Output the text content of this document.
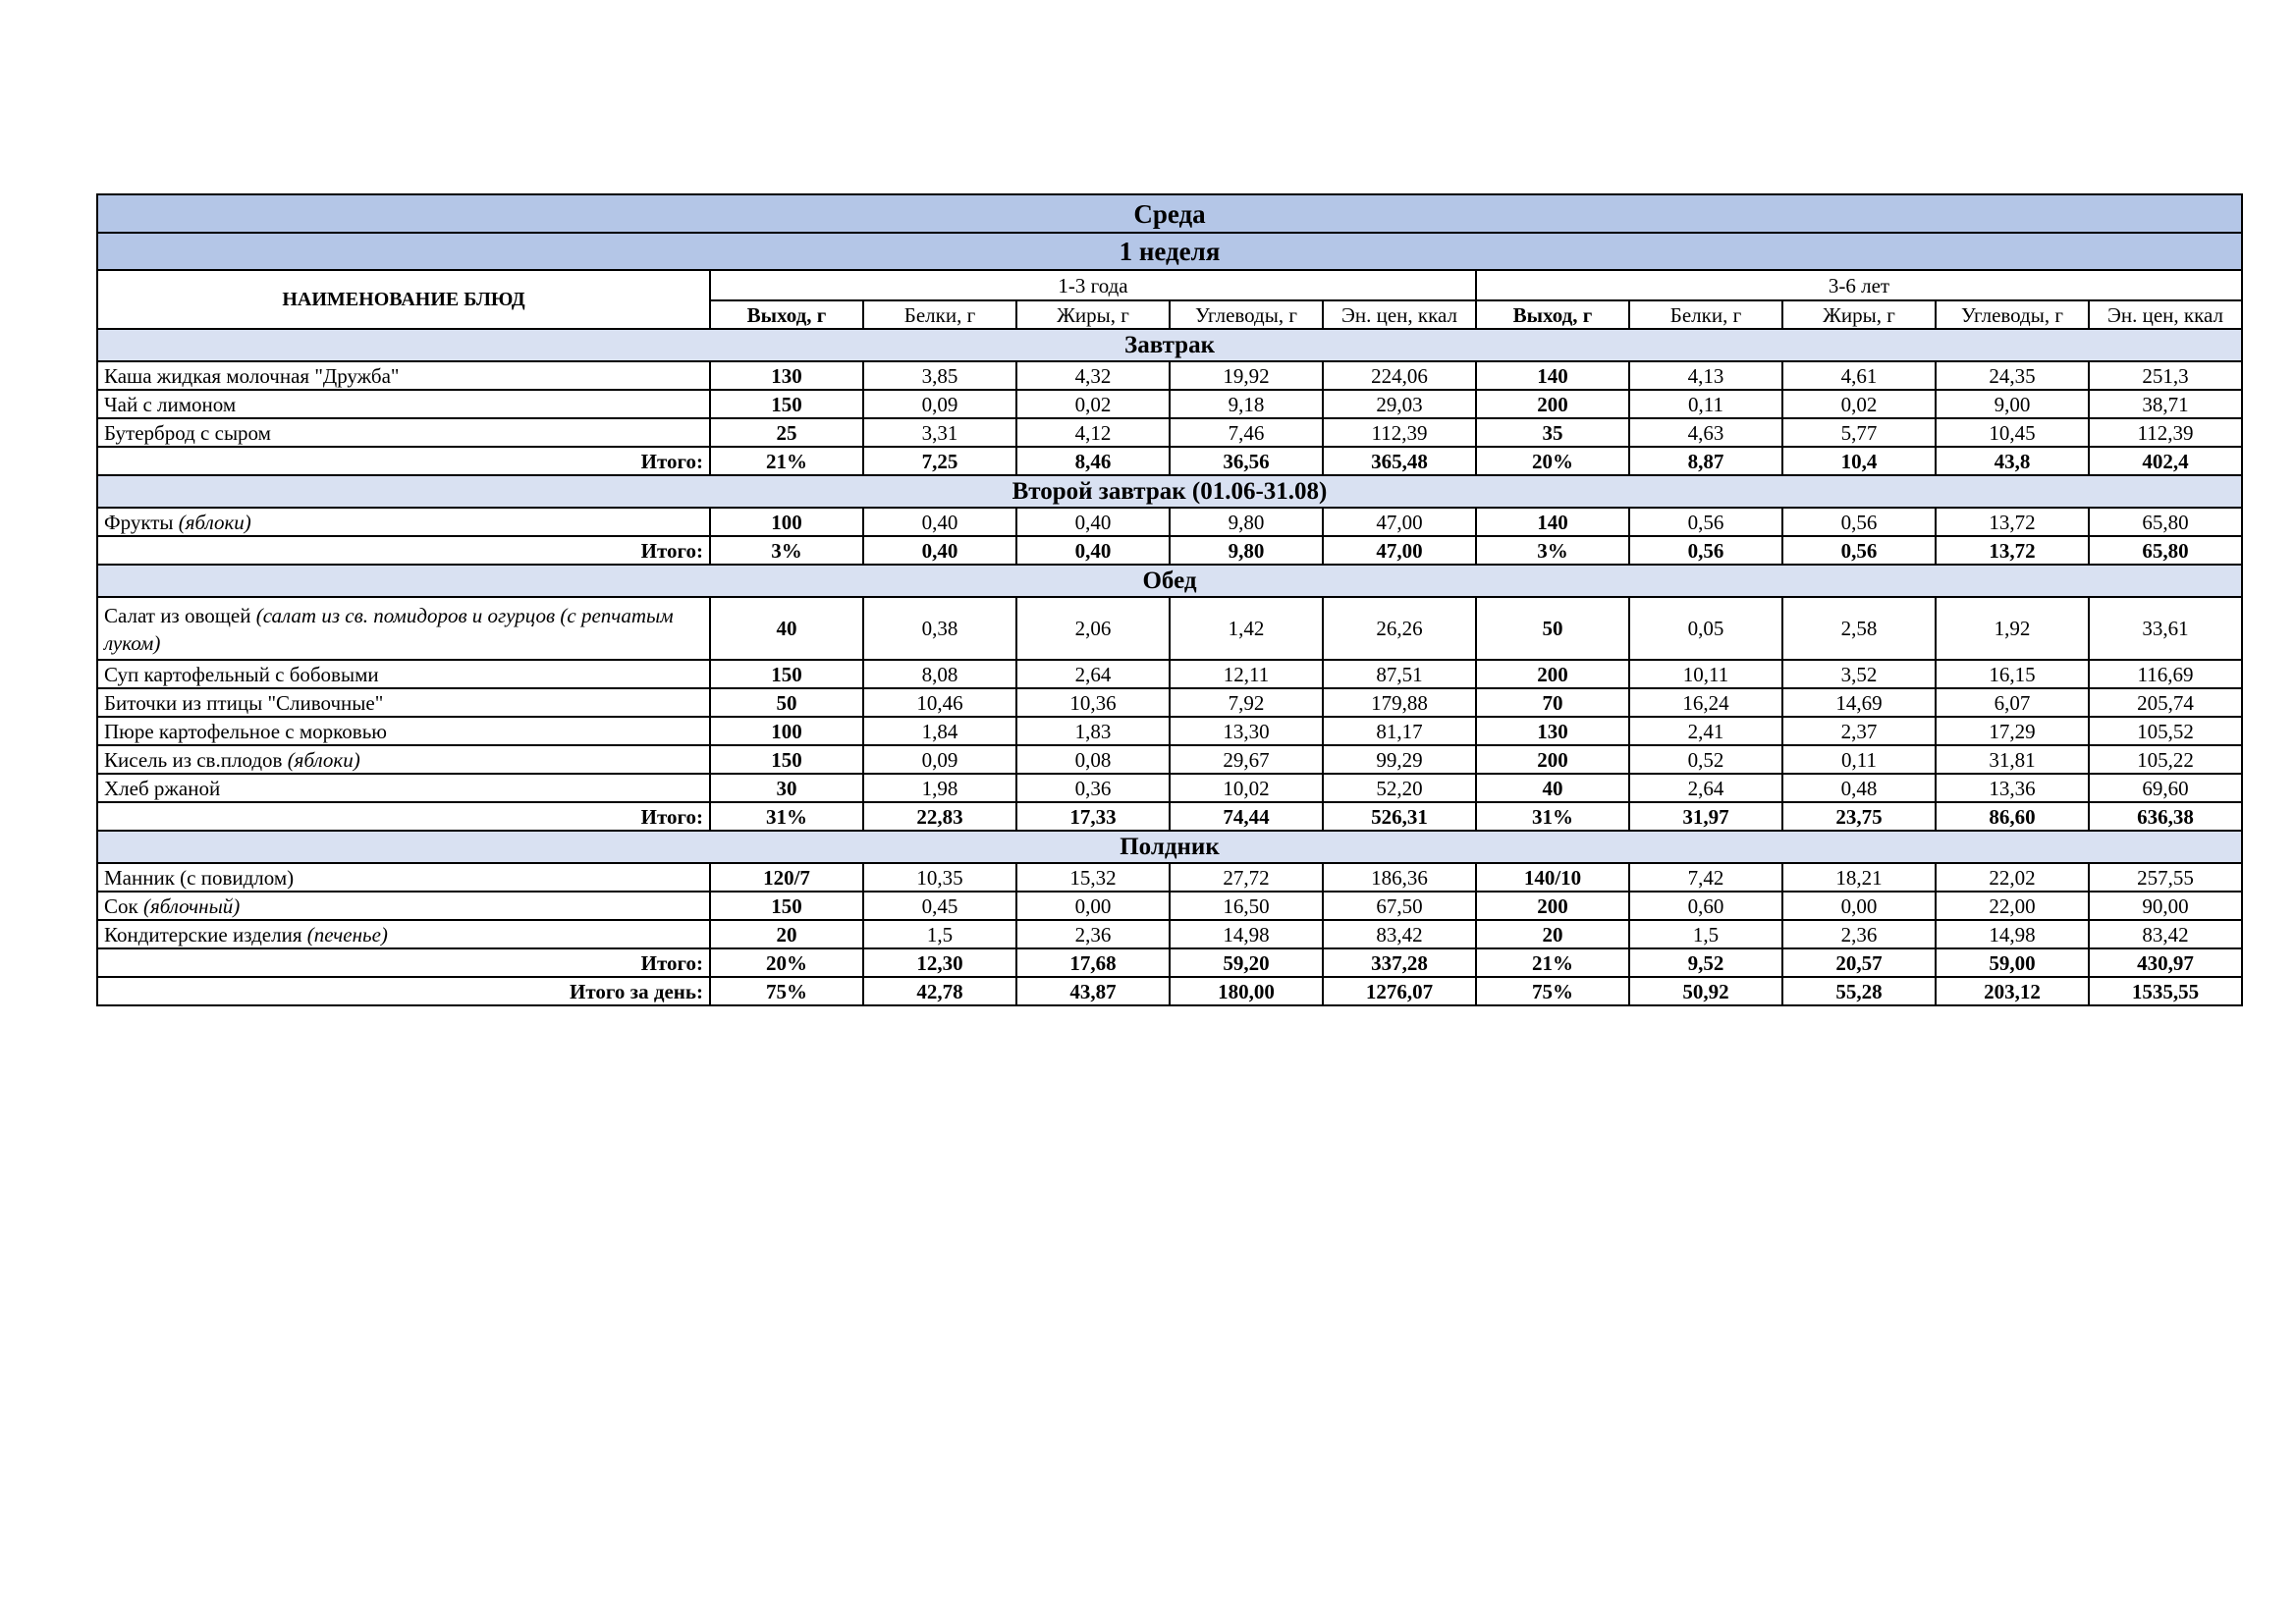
Среда										
1 неделя										
НАИМЕНОВАНИЕ БЛЮД	1-3 года					3-6 лет				
	Выход, г	Белки, г	Жиры, г	Углеводы, г	Эн. цен, ккал	Выход, г	Белки, г	Жиры, г	Углеводы, г	Эн. цен, ккал
Завтрак										
Каша жидкая молочная "Дружба"	130	3,85	4,32	19,92	224,06	140	4,13	4,61	24,35	251,3
Чай с лимоном	150	0,09	0,02	9,18	29,03	200	0,11	0,02	9,00	38,71
Бутерброд с сыром	25	3,31	4,12	7,46	112,39	35	4,63	5,77	10,45	112,39
Итого:	21%	7,25	8,46	36,56	365,48	20%	8,87	10,4	43,8	402,4
Второй завтрак (01.06-31.08)										
Фрукты (яблоки)	100	0,40	0,40	9,80	47,00	140	0,56	0,56	13,72	65,80
Итого:	3%	0,40	0,40	9,80	47,00	3%	0,56	0,56	13,72	65,80
Обед										
Салат из овощей (салат из св. помидоров и огурцов (с репчатым луком)	40	0,38	2,06	1,42	26,26	50	0,05	2,58	1,92	33,61
Суп картофельный с бобовыми	150	8,08	2,64	12,11	87,51	200	10,11	3,52	16,15	116,69
Биточки из птицы "Сливочные"	50	10,46	10,36	7,92	179,88	70	16,24	14,69	6,07	205,74
Пюре картофельное с морковью	100	1,84	1,83	13,30	81,17	130	2,41	2,37	17,29	105,52
Кисель из св.плодов (яблоки)	150	0,09	0,08	29,67	99,29	200	0,52	0,11	31,81	105,22
Хлеб ржаной	30	1,98	0,36	10,02	52,20	40	2,64	0,48	13,36	69,60
Итого:	31%	22,83	17,33	74,44	526,31	31%	31,97	23,75	86,60	636,38
Полдник										
Манник (с повидлом)	120/7	10,35	15,32	27,72	186,36	140/10	7,42	18,21	22,02	257,55
Сок (яблочный)	150	0,45	0,00	16,50	67,50	200	0,60	0,00	22,00	90,00
Кондитерские изделия (печенье)	20	1,5	2,36	14,98	83,42	20	1,5	2,36	14,98	83,42
Итого:	20%	12,30	17,68	59,20	337,28	21%	9,52	20,57	59,00	430,97
Итого за день:	75%	42,78	43,87	180,00	1276,07	75%	50,92	55,28	203,12	1535,55
